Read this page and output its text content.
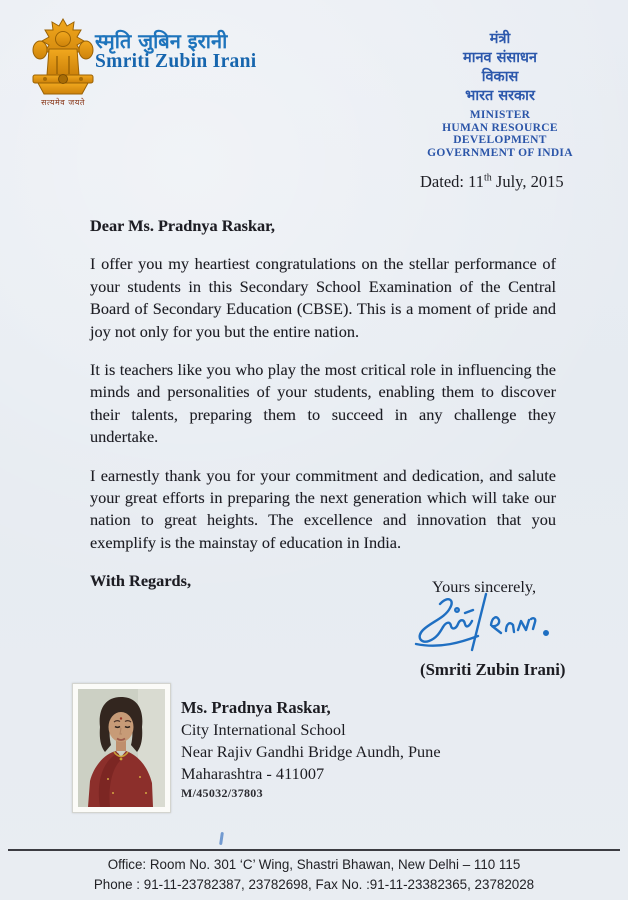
सत्यमेव जयते
स्मृति जुबिन इरानी
Smriti Zubin Irani
मंत्री
मानव संसाधन
विकास
भारत सरकार
MINISTER
HUMAN RESOURCE DEVELOPMENT
GOVERNMENT OF INDIA
Dated: 11th July, 2015
Dear Ms. Pradnya Raskar,

I offer you my heartiest congratulations on the stellar performance of your students in this Secondary School Examination of the Central Board of Secondary Education (CBSE). This is a moment of pride and joy not only for you but the entire nation.

It is teachers like you who play the most critical role in influencing the minds and personalities of your students, enabling them to discover their talents, preparing them to succeed in any challenge they undertake.

I earnestly thank you for your commitment and dedication, and salute your great efforts in preparing the next generation which will take our nation to great heights. The excellence and innovation that you exemplify is the mainstay of education in India.

With Regards,	Yours sincerely,
(Smriti Zubin Irani)
Ms. Pradnya Raskar,
City International School
Near Rajiv Gandhi Bridge Aundh, Pune
Maharashtra - 411007
M/45032/37803
Office: Room No. 301 ‘C’ Wing, Shastri Bhawan, New Delhi – 110 115
Phone : 91-11-23782387, 23782698, Fax No. :91-11-23382365, 23782028
